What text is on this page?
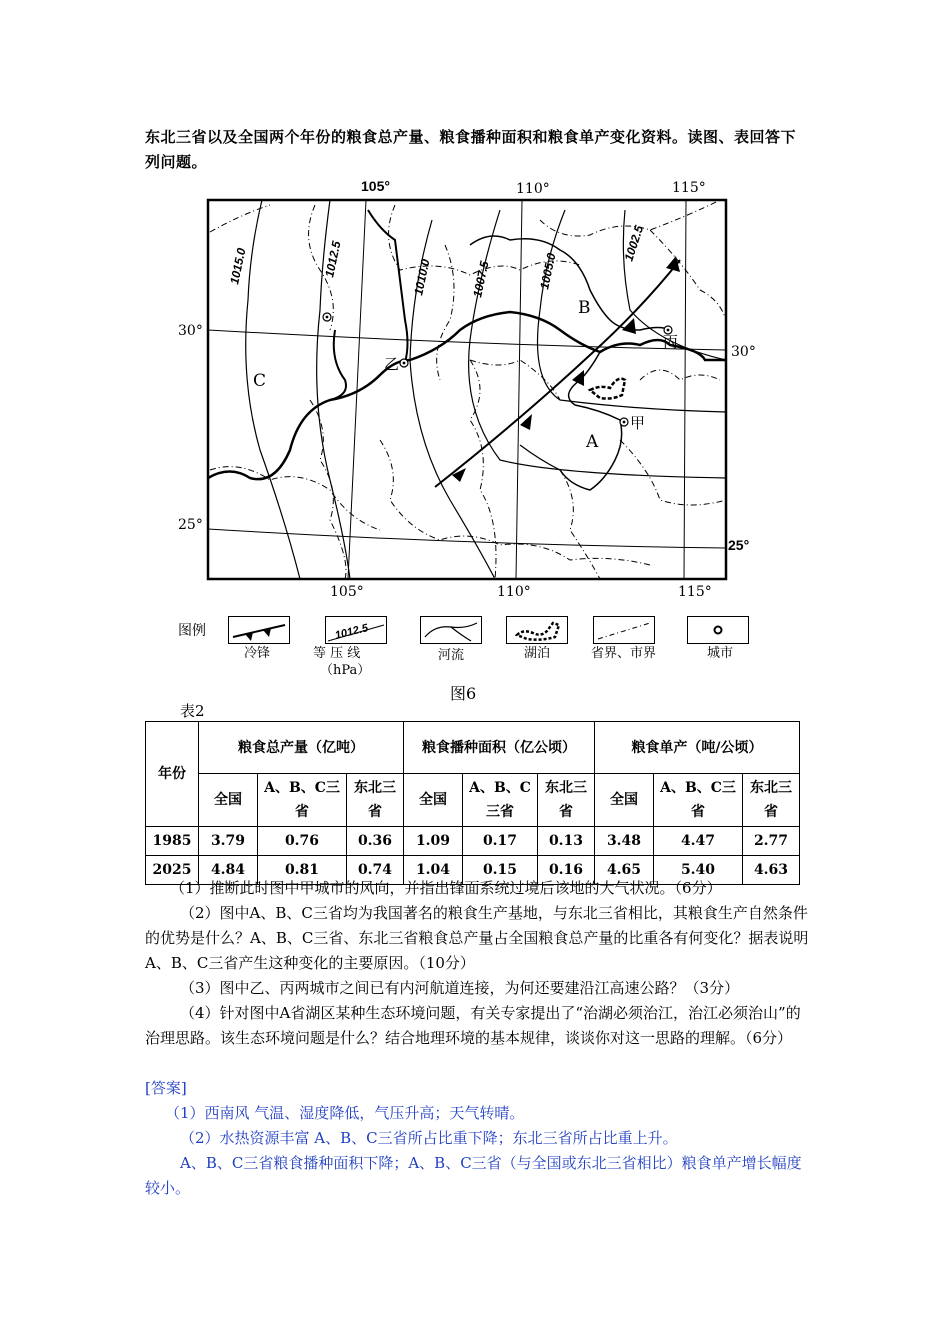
东北三省以及全国两个年份的粮食总产量、粮食播种面积和粮食单产变化资料。读图、表回答下列问题。
1015.0	1012.5	1010.0	1007.5	1005.0
1002.5
甲
乙
丙
A
B
C
105°	110°	115°
105°	110°	115°
30°
25°
30°
25°
图例
冷锋
1012.5
等 压 线
（hPa）
河流	湖泊	省界、市界	城市
图6
表2
年份	粮食总产量（亿吨）			粮食播种面积（亿公顷）			粮食单产（吨/公顷）		
	全国	A、B、C三省	东北三省	全国	A、B、C三省	东北三省	全国	A、B、C三省	东北三省
1985	3.79	0.76	0.36	1.09	0.17	0.13	3.48	4.47	2.77
2025	4.84	0.81	0.74	1.04	0.15	0.16	4.65	5.40	4.63
（1）推断此时图中甲城市的风向，并指出锋面系统过境后该地的大气状况。（6分）
（2）图中A、B、C三省均为我国著名的粮食生产基地，与东北三省相比，其粮食生产自然条件的优势是什么？A、B、C三省、东北三省粮食总产量占全国粮食总产量的比重各有何变化？据表说明A、B、C三省产生这种变化的主要原因。（10分）
（3）图中乙、丙两城市之间已有内河航道连接，为何还要建沿江高速公路？（3分）
（4）针对图中A省湖区某种生态环境问题，有关专家提出了“治湖必须治江，治江必须治山”的治理思路。该生态环境问题是什么？结合地理环境的基本规律，谈谈你对这一思路的理解。（6分）
[答案]
（1）西南风 气温、湿度降低，气压升高；天气转晴。
（2）水热资源丰富 A、B、C三省所占比重下降；东北三省所占比重上升。
A、B、C三省粮食播种面积下降；A、B、C三省（与全国或东北三省相比）粮食单产增长幅度较小。
